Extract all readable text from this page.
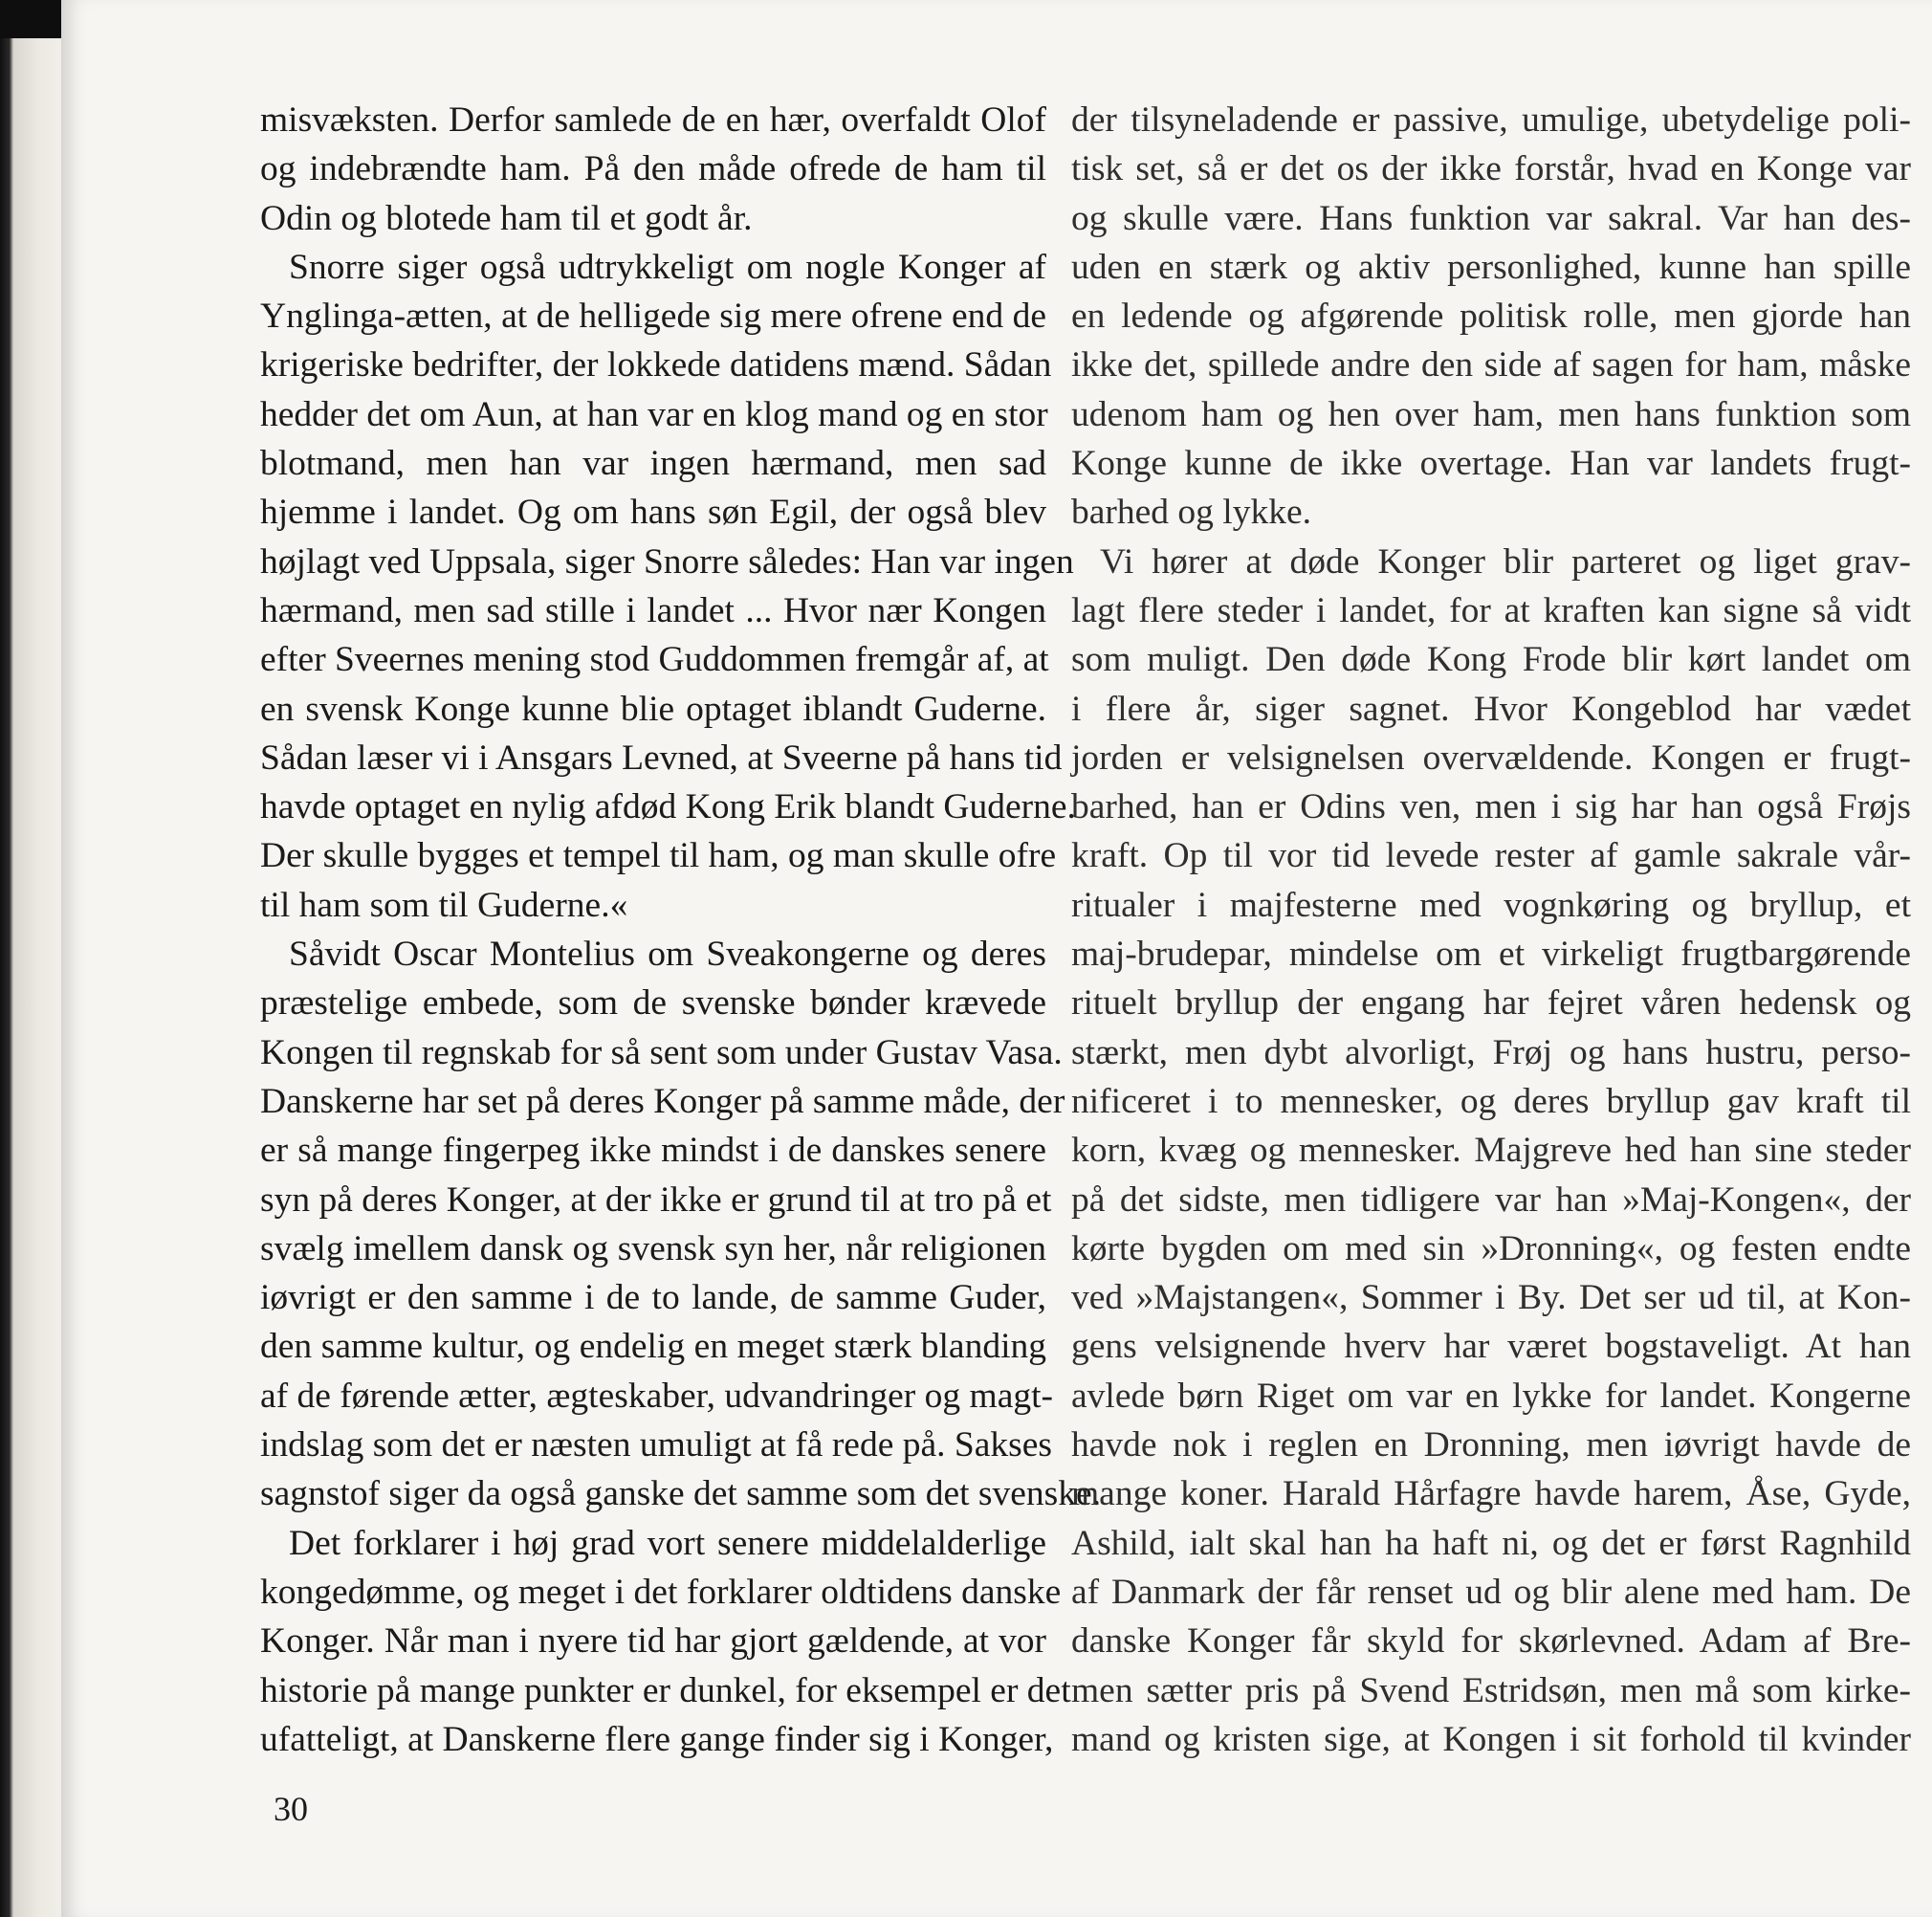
misvæksten. Derfor samlede de en hær, overfaldt Olof
og indebrændte ham. På den måde ofrede de ham til
Odin og blotede ham til et godt år.
Snorre siger også udtrykkeligt om nogle Konger af
Ynglinga-ætten, at de helligede sig mere ofrene end de
krigeriske bedrifter, der lokkede datidens mænd. Sådan
hedder det om Aun, at han var en klog mand og en stor
blotmand, men han var ingen hærmand, men sad
hjemme i landet. Og om hans søn Egil, der også blev
højlagt ved Uppsala, siger Snorre således: Han var ingen
hærmand, men sad stille i landet ... Hvor nær Kongen
efter Sveernes mening stod Guddommen fremgår af, at
en svensk Konge kunne blie optaget iblandt Guderne.
Sådan læser vi i Ansgars Levned, at Sveerne på hans tid
havde optaget en nylig afdød Kong Erik blandt Guderne.
Der skulle bygges et tempel til ham, og man skulle ofre
til ham som til Guderne.«
Såvidt Oscar Montelius om Sveakongerne og deres
præstelige embede, som de svenske bønder krævede
Kongen til regnskab for så sent som under Gustav Vasa.
Danskerne har set på deres Konger på samme måde, der
er så mange fingerpeg ikke mindst i de danskes senere
syn på deres Konger, at der ikke er grund til at tro på et
svælg imellem dansk og svensk syn her, når religionen
iøvrigt er den samme i de to lande, de samme Guder,
den samme kultur, og endelig en meget stærk blanding
af de førende ætter, ægteskaber, udvandringer og magt-
indslag som det er næsten umuligt at få rede på. Sakses
sagnstof siger da også ganske det samme som det svenske.
Det forklarer i høj grad vort senere middelalderlige
kongedømme, og meget i det forklarer oldtidens danske
Konger. Når man i nyere tid har gjort gældende, at vor
historie på mange punkter er dunkel, for eksempel er det
ufatteligt, at Danskerne flere gange finder sig i Konger,
der tilsyneladende er passive, umulige, ubetydelige poli-
tisk set, så er det os der ikke forstår, hvad en Konge var
og skulle være. Hans funktion var sakral. Var han des-
uden en stærk og aktiv personlighed, kunne han spille
en ledende og afgørende politisk rolle, men gjorde han
ikke det, spillede andre den side af sagen for ham, måske
udenom ham og hen over ham, men hans funktion som
Konge kunne de ikke overtage. Han var landets frugt-
barhed og lykke.
Vi hører at døde Konger blir parteret og liget grav-
lagt flere steder i landet, for at kraften kan signe så vidt
som muligt. Den døde Kong Frode blir kørt landet om
i flere år, siger sagnet. Hvor Kongeblod har vædet
jorden er velsignelsen overvældende. Kongen er frugt-
barhed, han er Odins ven, men i sig har han også Frøjs
kraft. Op til vor tid levede rester af gamle sakrale vår-
ritualer i majfesterne med vognkøring og bryllup, et
maj-brudepar, mindelse om et virkeligt frugtbargørende
rituelt bryllup der engang har fejret våren hedensk og
stærkt, men dybt alvorligt, Frøj og hans hustru, perso-
nificeret i to mennesker, og deres bryllup gav kraft til
korn, kvæg og mennesker. Majgreve hed han sine steder
på det sidste, men tidligere var han »Maj-Kongen«, der
kørte bygden om med sin »Dronning«, og festen endte
ved »Majstangen«, Sommer i By. Det ser ud til, at Kon-
gens velsignende hverv har været bogstaveligt. At han
avlede børn Riget om var en lykke for landet. Kongerne
havde nok i reglen en Dronning, men iøvrigt havde de
mange koner. Harald Hårfagre havde harem, Åse, Gyde,
Ashild, ialt skal han ha haft ni, og det er først Ragnhild
af Danmark der får renset ud og blir alene med ham. De
danske Konger får skyld for skørlevned. Adam af Bre-
men sætter pris på Svend Estridsøn, men må som kirke-
mand og kristen sige, at Kongen i sit forhold til kvinder
30
